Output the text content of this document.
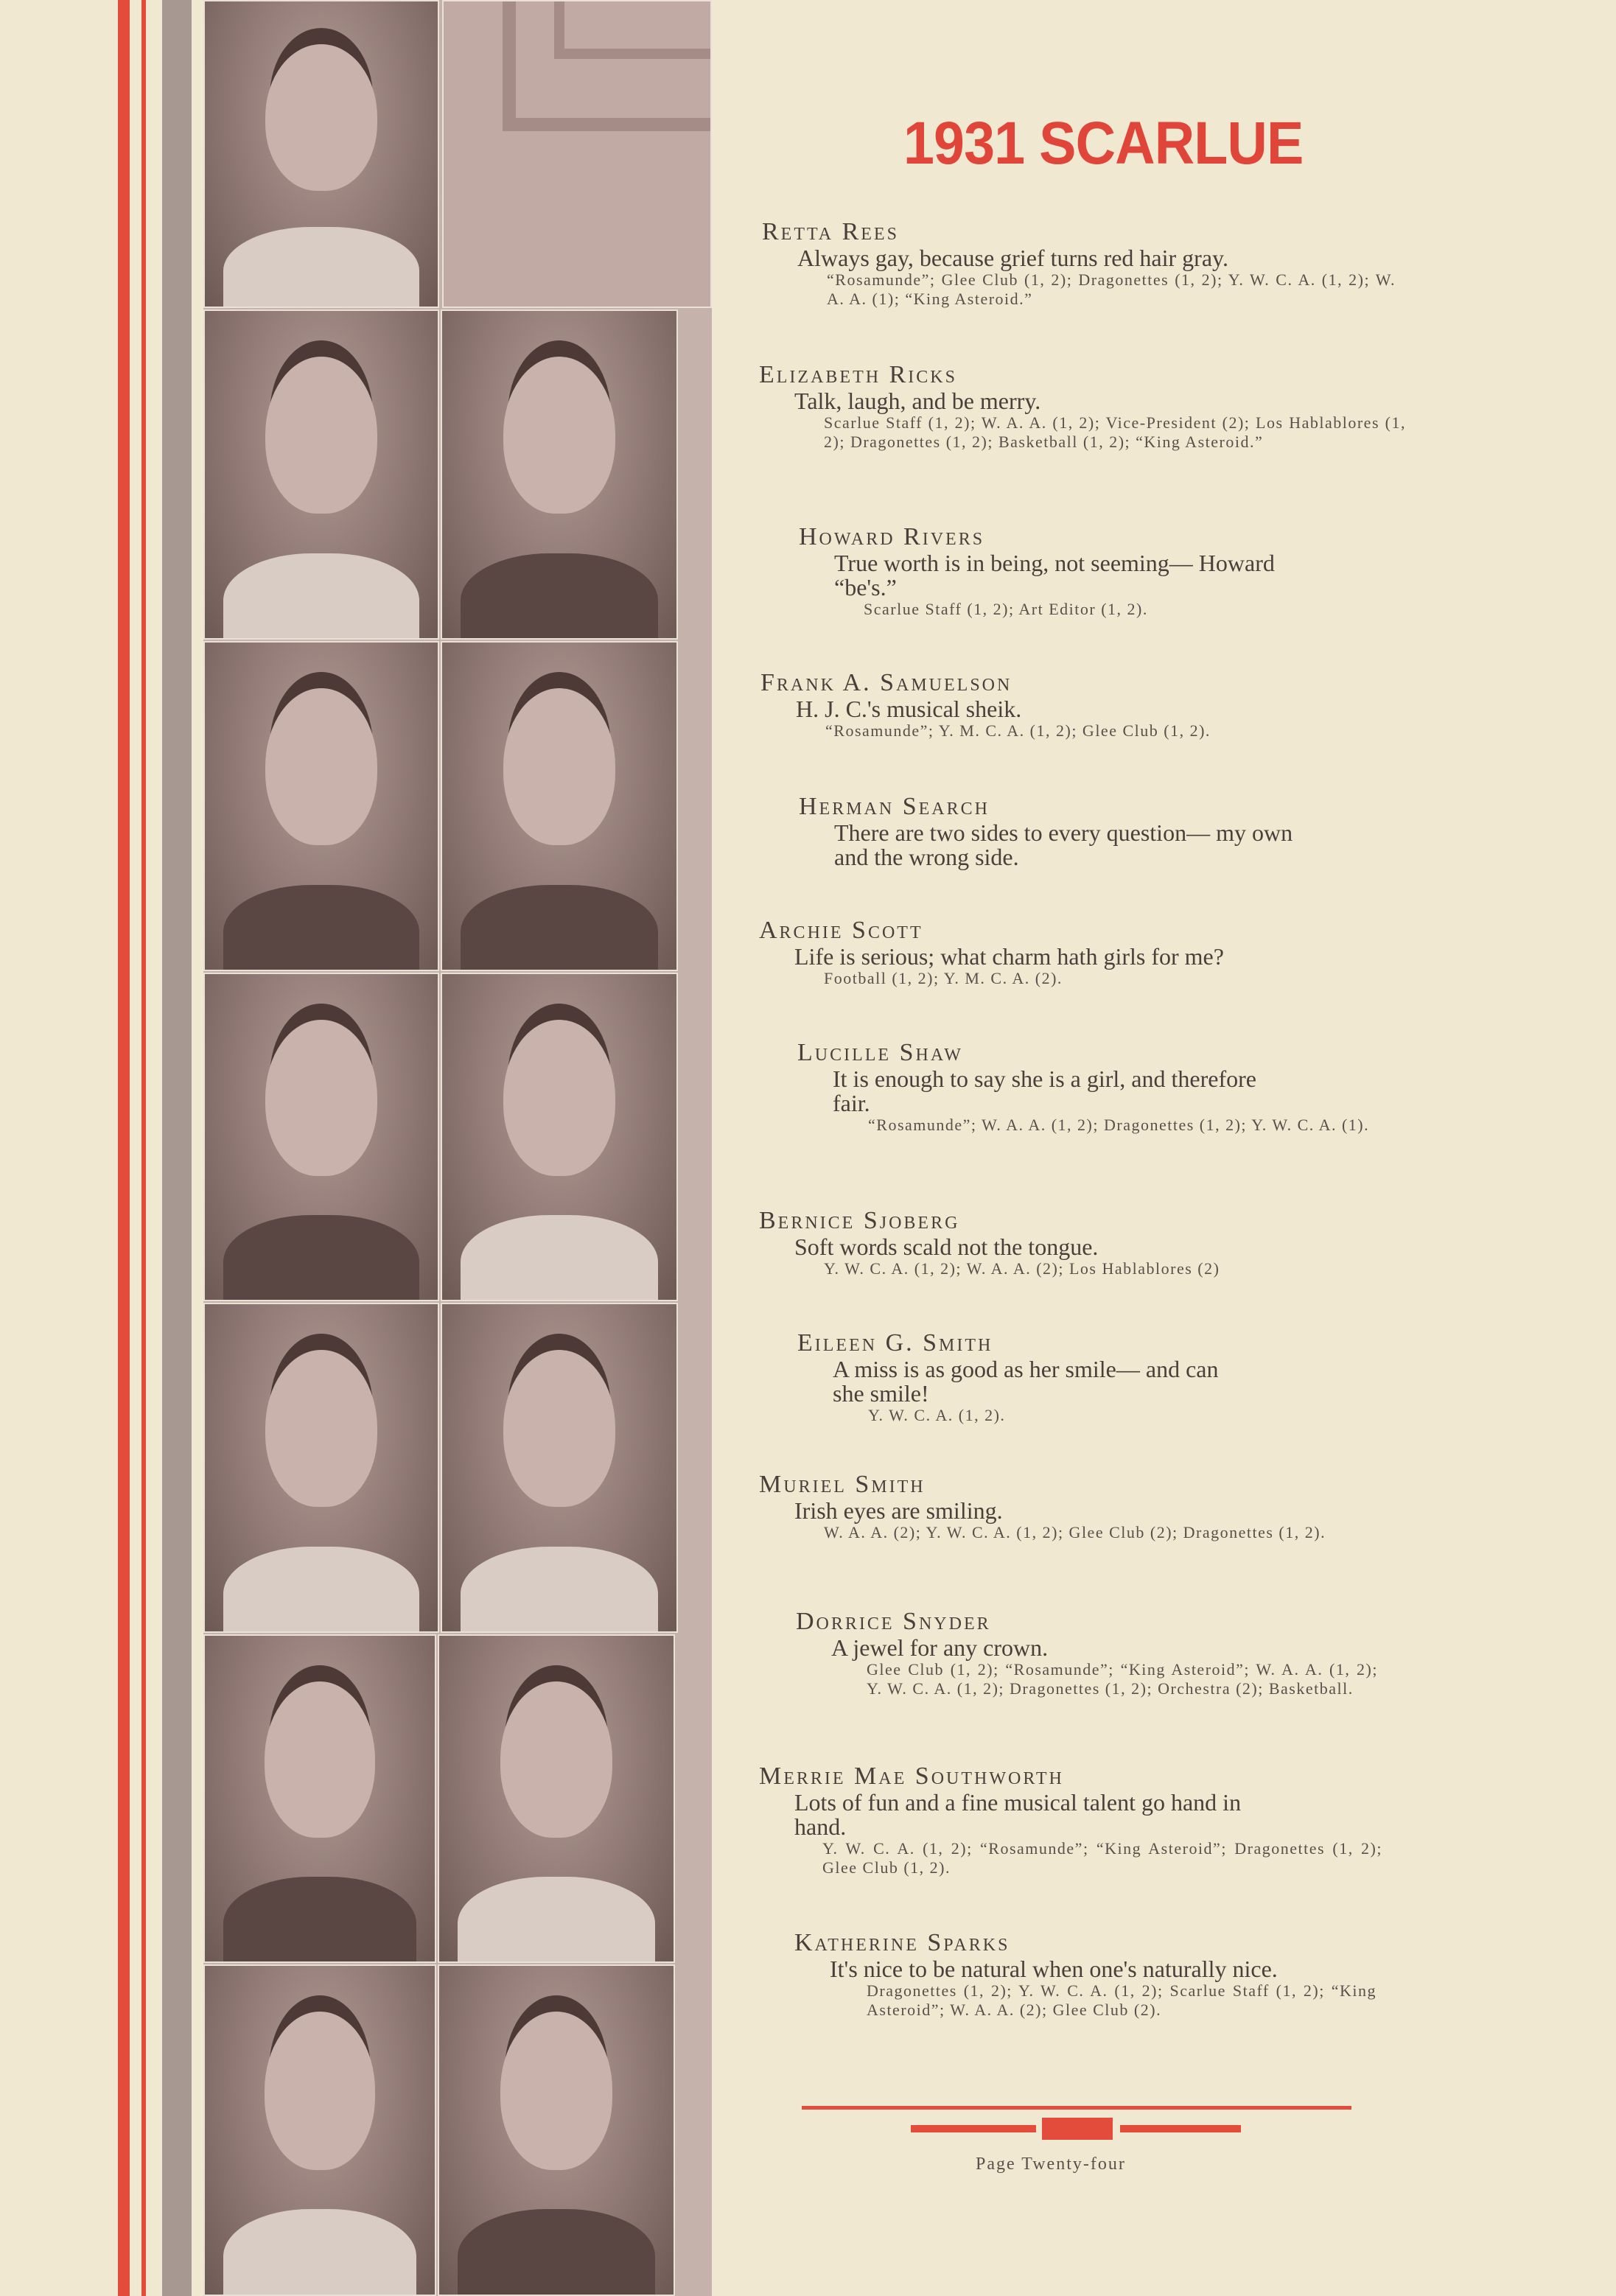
1931 SCARLUE
Retta Rees
Always gay, because grief turns red hair gray.
“Rosamunde”; Glee Club (1, 2); Dragonettes (1, 2); Y. W. C. A. (1, 2); W. A. A. (1); “King Asteroid.”
Elizabeth Ricks
Talk, laugh, and be merry.
Scarlue Staff (1, 2); W. A. A. (1, 2); Vice-President (2); Los Hablablores (1, 2); Dragonettes (1, 2); Basketball (1, 2); “King Asteroid.”
Howard Rivers
True worth is in being, not seeming— Howard “be's.”
Scarlue Staff (1, 2); Art Editor (1, 2).
Frank A. Samuelson
H. J. C.'s musical sheik.
“Rosamunde”; Y. M. C. A. (1, 2); Glee Club (1, 2).
Herman Search
There are two sides to every question— my own and the wrong side.
Archie Scott
Life is serious; what charm hath girls for me?
Football (1, 2); Y. M. C. A. (2).
Lucille Shaw
It is enough to say she is a girl, and therefore fair.
“Rosamunde”; W. A. A. (1, 2); Dragonettes (1, 2); Y. W. C. A. (1).
Bernice Sjoberg
Soft words scald not the tongue.
Y. W. C. A. (1, 2); W. A. A. (2); Los Hablablores (2)
Eileen G. Smith
A miss is as good as her smile— and can she smile!
Y. W. C. A. (1, 2).
Muriel Smith
Irish eyes are smiling.
W. A. A. (2); Y. W. C. A. (1, 2); Glee Club (2); Dragonettes (1, 2).
Dorrice Snyder
A jewel for any crown.
Glee Club (1, 2); “Rosamunde”; “King Asteroid”; W. A. A. (1, 2); Y. W. C. A. (1, 2); Dragonettes (1, 2); Orchestra (2); Basketball.
Merrie Mae Southworth
Lots of fun and a fine musical talent go hand in hand.
Y. W. C. A. (1, 2); “Rosamunde”; “King Asteroid”; Dragonettes (1, 2); Glee Club (1, 2).
Katherine Sparks
It's nice to be natural when one's naturally nice.
Dragonettes (1, 2); Y. W. C. A. (1, 2); Scarlue Staff (1, 2); “King Asteroid”; W. A. A. (2); Glee Club (2).
Page Twenty-four
